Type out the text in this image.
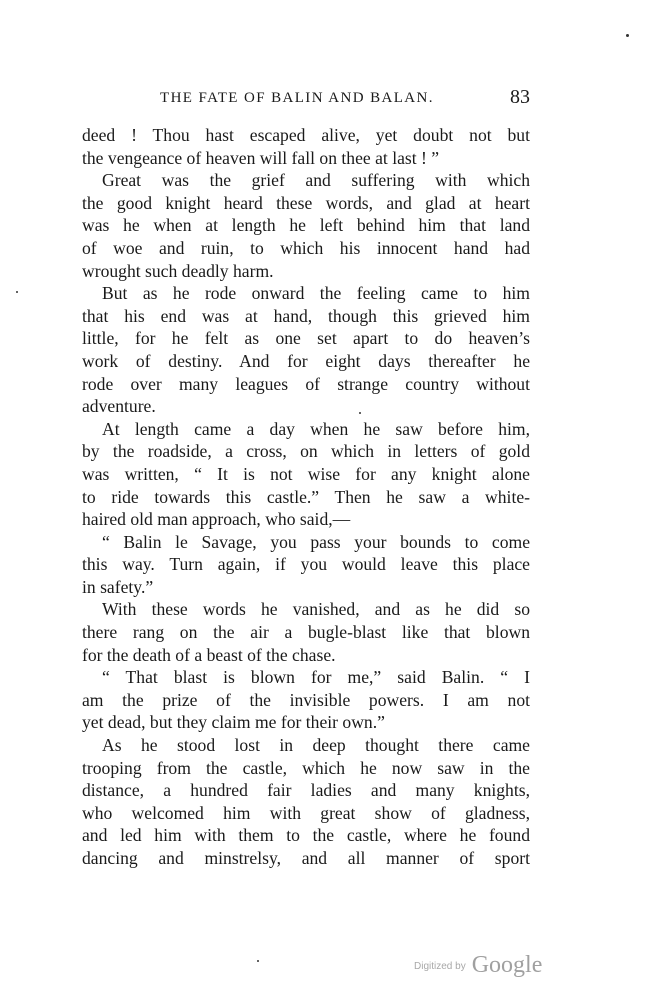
THE FATE OF BALIN AND BALAN.	83
deed ! Thou hast escaped alive, yet doubt not but
the vengeance of heaven will fall on thee at last ! ”
Great was the grief and suffering with which
the good knight heard these words, and glad at heart
was he when at length he left behind him that land
of woe and ruin, to which his innocent hand had
wrought such deadly harm.
But as he rode onward the feeling came to him
that his end was at hand, though this grieved him
little, for he felt as one set apart to do heaven’s
work of destiny. And for eight days thereafter he
rode over many leagues of strange country without
adventure.
At length came a day when he saw before him,
by the roadside, a cross, on which in letters of gold
was written, “ It is not wise for any knight alone
to ride towards this castle.” Then he saw a white-
haired old man approach, who said,—
“ Balin le Savage, you pass your bounds to come
this way. Turn again, if you would leave this place
in safety.”
With these words he vanished, and as he did so
there rang on the air a bugle-blast like that blown
for the death of a beast of the chase.
“ That blast is blown for me,” said Balin. “ I
am the prize of the invisible powers. I am not
yet dead, but they claim me for their own.”
As he stood lost in deep thought there came
trooping from the castle, which he now saw in the
distance, a hundred fair ladies and many knights,
who welcomed him with great show of gladness,
and led him with them to the castle, where he found
dancing and minstrelsy, and all manner of sport
Digitized by Google
